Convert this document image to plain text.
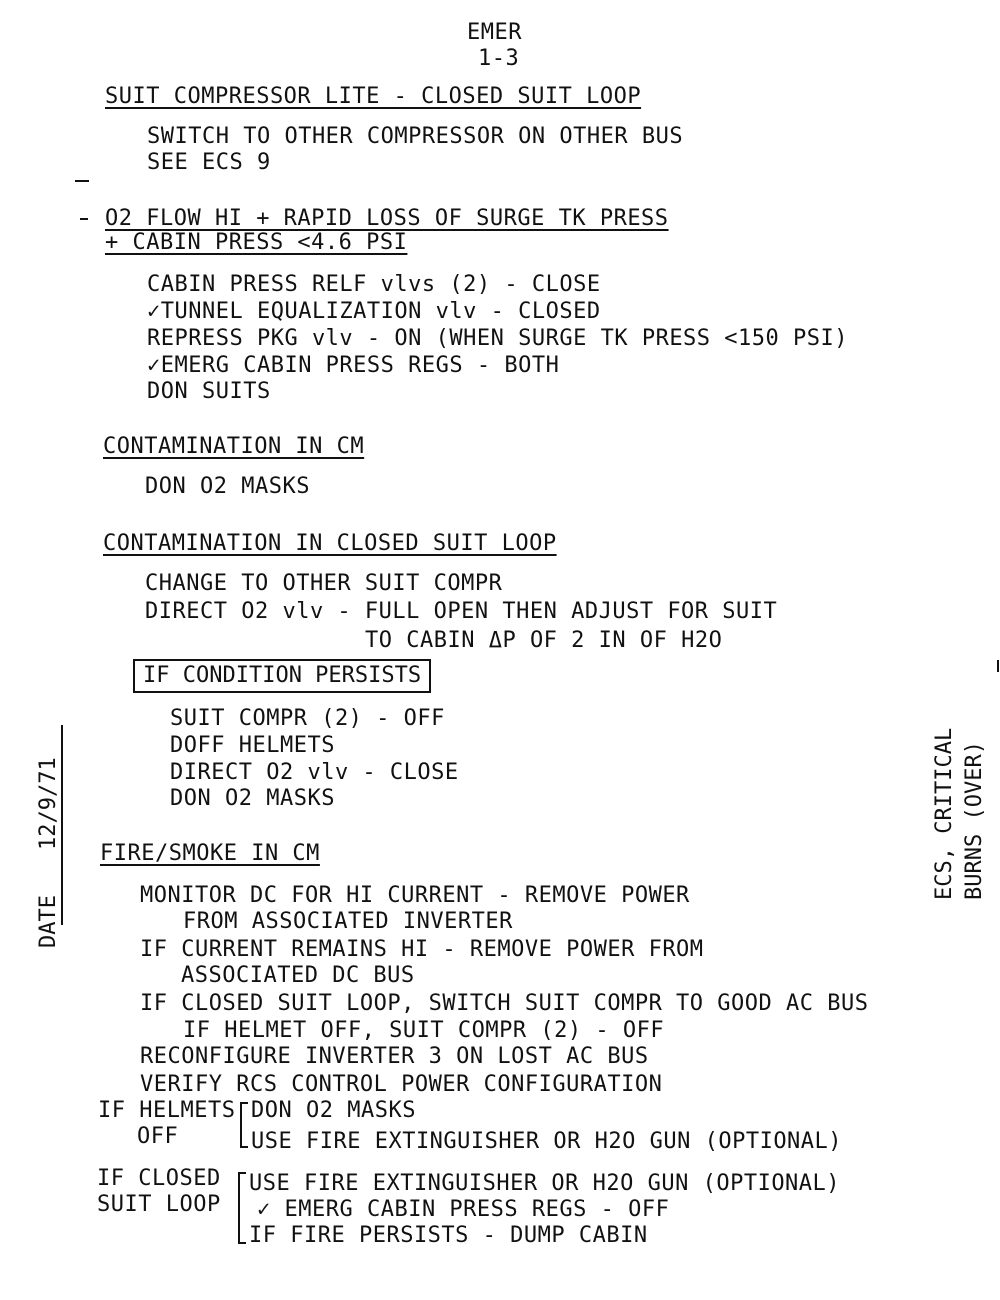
EMER
1-3
SUIT COMPRESSOR LITE - CLOSED SUIT LOOP
SWITCH TO OTHER COMPRESSOR ON OTHER BUS
SEE ECS 9
O2 FLOW HI + RAPID LOSS OF SURGE TK PRESS
+ CABIN PRESS <4.6 PSI
CABIN PRESS RELF vlvs (2) - CLOSE
✓TUNNEL EQUALIZATION vlv - CLOSED
REPRESS PKG vlv - ON (WHEN SURGE TK PRESS <150 PSI)
✓EMERG CABIN PRESS REGS - BOTH
DON SUITS
CONTAMINATION IN CM
DON O2 MASKS
CONTAMINATION IN CLOSED SUIT LOOP
CHANGE TO OTHER SUIT COMPR
DIRECT O2 vlv - FULL OPEN THEN ADJUST FOR SUIT
TO CABIN ΔP OF 2 IN OF H2O
IF CONDITION PERSISTS
SUIT COMPR (2) - OFF
DOFF HELMETS
DIRECT O2 vlv - CLOSE
DON O2 MASKS
FIRE/SMOKE IN CM
MONITOR DC FOR HI CURRENT - REMOVE POWER
FROM ASSOCIATED INVERTER
IF CURRENT REMAINS HI - REMOVE POWER FROM
ASSOCIATED DC BUS
IF CLOSED SUIT LOOP, SWITCH SUIT COMPR TO GOOD AC BUS
IF HELMET OFF, SUIT COMPR (2) - OFF
RECONFIGURE INVERTER 3 ON LOST AC BUS
VERIFY RCS CONTROL POWER CONFIGURATION
IF HELMETS
OFF
DON O2 MASKS
USE FIRE EXTINGUISHER OR H2O GUN (OPTIONAL)
IF CLOSED
SUIT LOOP
USE FIRE EXTINGUISHER OR H2O GUN (OPTIONAL)
✓ EMERG CABIN PRESS REGS - OFF
IF FIRE PERSISTS - DUMP CABIN
DATE
12/9/71	ECS, CRITICAL BURNS (OVER)
